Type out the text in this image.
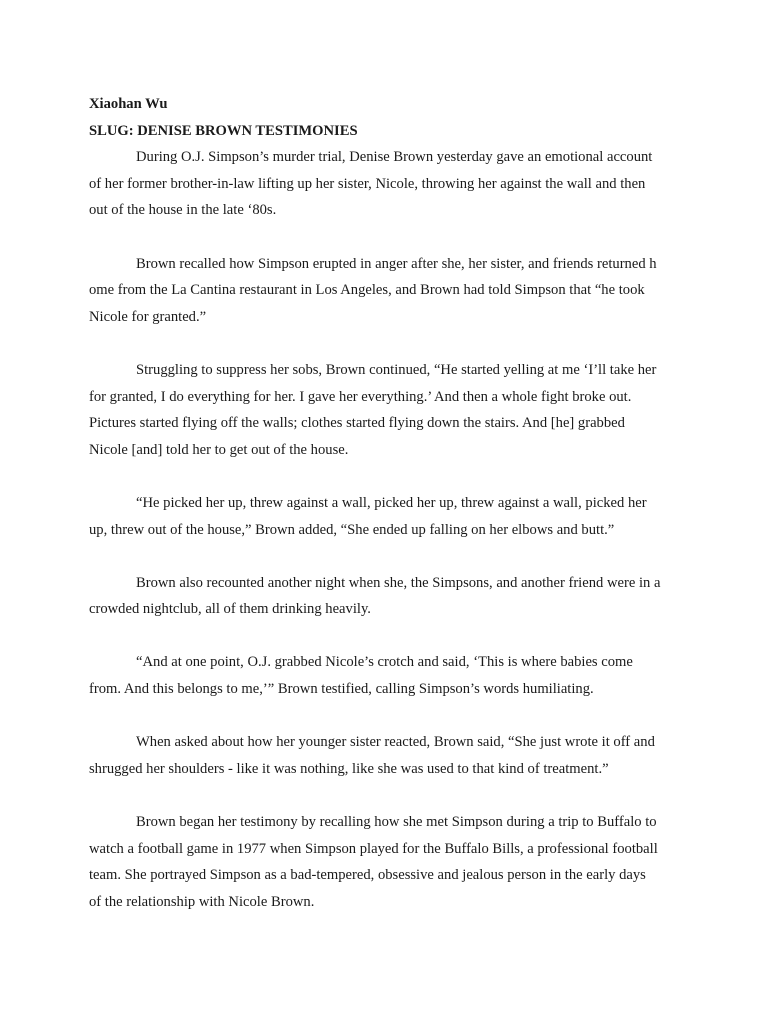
Xiaohan Wu
SLUG: DENISE BROWN TESTIMONIES
During O.J. Simpson’s murder trial, Denise Brown yesterday gave an emotional account
of her former brother-in-law lifting up her sister, Nicole, throwing her against the wall and then
out of the house in the late ‘80s.
Brown recalled how Simpson erupted in anger after she, her sister, and friends returned h
ome from the La Cantina restaurant in Los Angeles, and Brown had told Simpson that “he took
Nicole for granted.”
Struggling to suppress her sobs, Brown continued, “He started yelling at me ‘I’ll take her
for granted, I do everything for her. I gave her everything.’ And then a whole fight broke out.
Pictures started flying off the walls; clothes started flying down the stairs. And [he] grabbed
Nicole [and] told her to get out of the house.
“He picked her up, threw against a wall, picked her up, threw against a wall, picked her
up, threw out of the house,” Brown added, “She ended up falling on her elbows and butt.”
Brown also recounted another night when she, the Simpsons, and another friend were in a
crowded nightclub, all of them drinking heavily.
“And at one point, O.J. grabbed Nicole’s crotch and said, ‘This is where babies come
from. And this belongs to me,’” Brown testified, calling Simpson’s words humiliating.
When asked about how her younger sister reacted, Brown said, “She just wrote it off and
shrugged her shoulders - like it was nothing, like she was used to that kind of treatment.”
Brown began her testimony by recalling how she met Simpson during a trip to Buffalo to
watch a football game in 1977 when Simpson played for the Buffalo Bills, a professional football
team. She portrayed Simpson as a bad-tempered, obsessive and jealous person in the early days
of the relationship with Nicole Brown.
